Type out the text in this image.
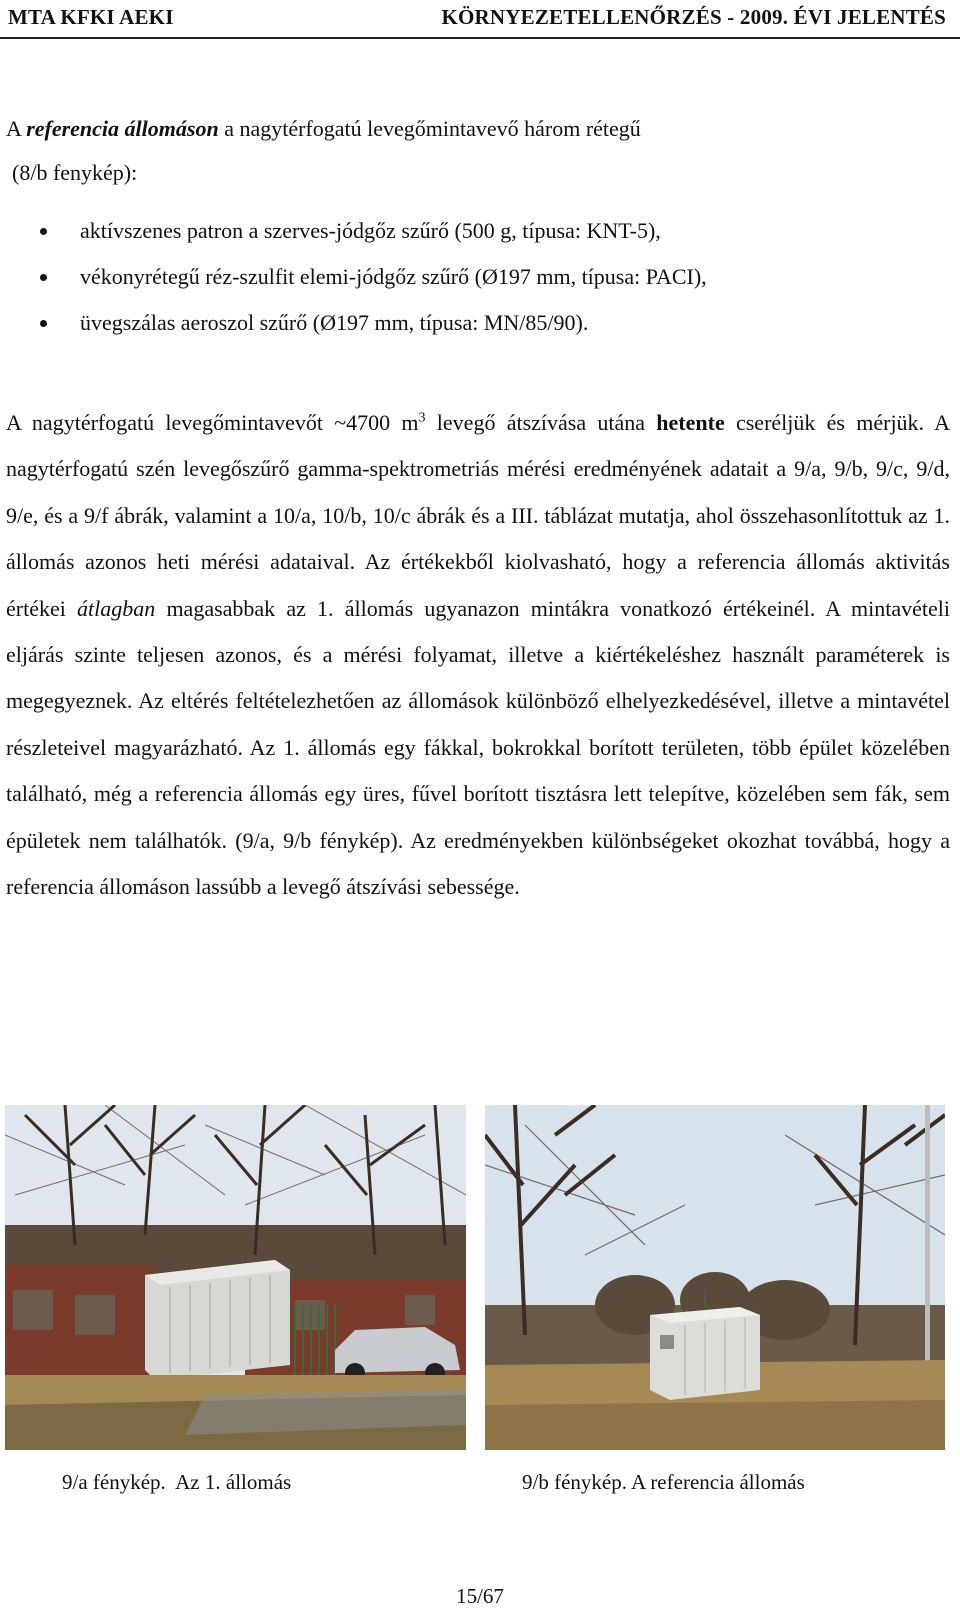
MTA KFKI AEKI	KÖRNYEZETELLENŐRZÉS - 2009. ÉVI JELENTÉS
A referencia állomáson a nagytérfogatú levegőmintavevő három rétegű
(8/b fenykép):
aktívszenes patron a szerves-jódgőz szűrő (500 g, típusa: KNT-5),
vékonyrétegű réz-szulfit elemi-jódgőz szűrő (Ø197 mm, típusa: PACI),
üvegszálas aeroszol szűrő (Ø197 mm, típusa: MN/85/90).

A nagytérfogatú levegőmintavevőt ~4700 $m^3$ levegő átszívása utána hetente cseréljük és mérjük. A nagytérfogatú szén levegőszűrő gamma-spektrometriás mérési eredményének adatait a 9/a, 9/b, 9/c, 9/d, 9/e, és a 9/f ábrák, valamint a 10/a, 10/b, 10/c ábrák és a III. táblázat mutatja, ahol összehasonlítottuk az 1. állomás azonos heti mérési adataival. Az értékekből kiolvasható, hogy a referencia állomás aktivitás értékei átlagban magasabbak az 1. állomás ugyanazon mintákra vonatkozó értékeinél. A mintavételi eljárás szinte teljesen azonos, és a mérési folyamat, illetve a kiértékeléshez használt paraméterek is megegyeznek. Az eltérés feltételezhetően az állomások különböző elhelyezkedésével, illetve a mintavétel részleteivel magyarázható. Az 1. állomás egy fákkal, bokrokkal borított területen, több épület közelében található, még a referencia állomás egy üres, fűvel borított tisztásra lett telepítve, közelében sem fák, sem épületek nem találhatók. (9/a, 9/b fénykép). Az eredményekben különbségeket okozhat továbbá, hogy a referencia állomáson lassúbb a levegő átszívási sebessége.

9/a fénykép.  Az 1. állomás	9/b fénykép. A referencia állomás
15/67
